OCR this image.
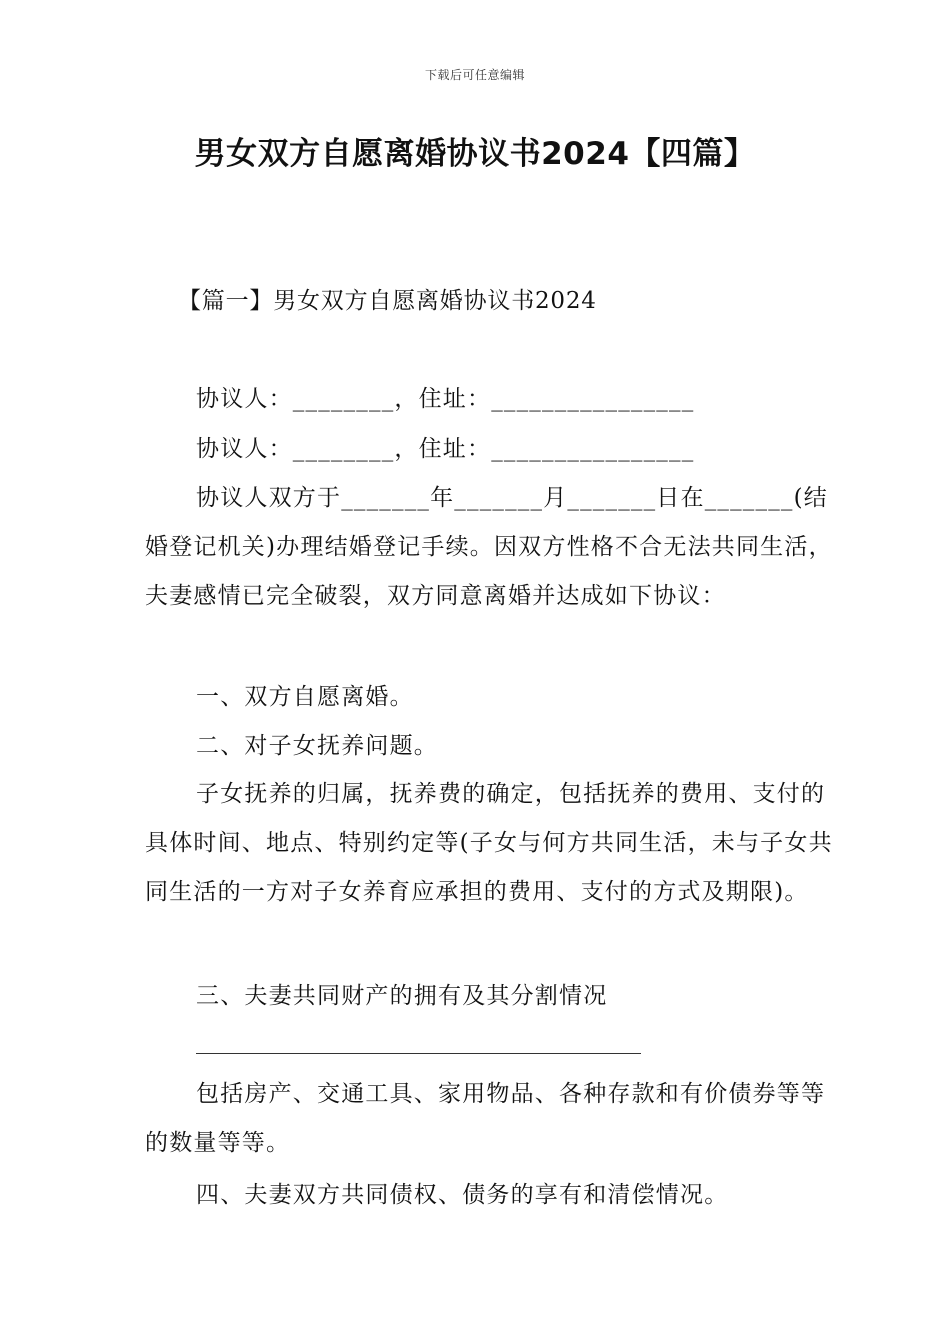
下载后可任意编辑
男女双方自愿离婚协议书2024【四篇】

【篇一】男女双方自愿离婚协议书2024

协议人：________，住址：________________

协议人：________，住址：________________

协议人双方于_______年_______月_______日在_______(结婚登记机关)办理结婚登记手续。因双方性格不合无法共同生活，夫妻感情已完全破裂，双方同意离婚并达成如下协议：

一、双方自愿离婚。

二、对子女抚养问题。

子女抚养的归属，抚养费的确定，包括抚养的费用、支付的具体时间、地点、特别约定等(子女与何方共同生活，未与子女共同生活的一方对子女养育应承担的费用、支付的方式及期限)。

三、夫妻共同财产的拥有及其分割情况

包括房产、交通工具、家用物品、各种存款和有价债券等等的数量等等。

四、夫妻双方共同债权、债务的享有和清偿情况。
